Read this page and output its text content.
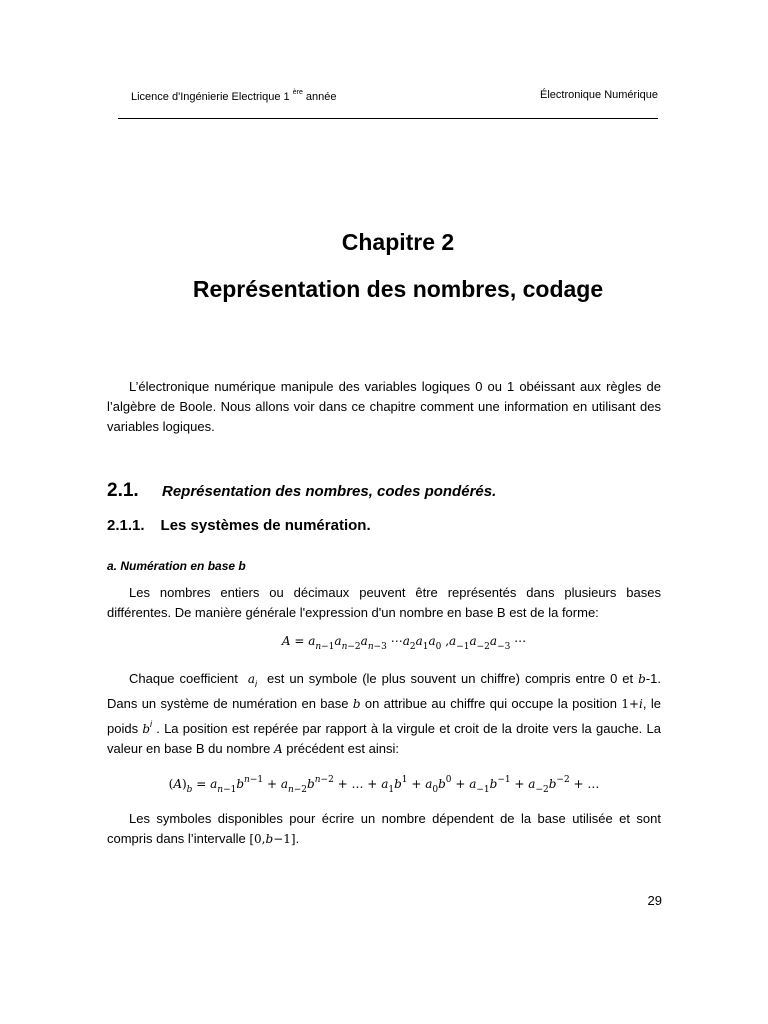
Licence d'Ingénierie Electrique 1 $^{ère}$ année	Électronique Numérique
Chapitre 2
Représentation des nombres, codage
L’électronique numérique manipule des variables logiques 0 ou 1 obéissant aux règles de l’algèbre de Boole. Nous allons voir dans ce chapitre comment une information en utilisant des variables logiques.
2.1. Représentation des nombres, codes pondérés.
2.1.1. Les systèmes de numération.
a. Numération en base b
Les nombres entiers ou décimaux peuvent être représentés dans plusieurs bases différentes. De manière générale l'expression d'un nombre en base B est de la forme:
$A = a_{n-1}a_{n-2}a_{n-3}$ $\cdots a_2a_1a_0$ $,a_{-1}a_{-2}a_{-3}$ ⋯
Chaque coefficient $a_i$ est un symbole (le plus souvent un chiffre) compris entre 0 et b-1. Dans un système de numération en base b on attribue au chiffre qui occupe la position 1+i, le poids $b^i$ . La position est repérée par rapport à la virgule et croit de la droite vers la gauche. La valeur en base B du nombre A précédent est ainsi:
$(A)_b = a_{n-1}b^{n-1} + a_{n-2}b^{n-2}$ + … + $a_1b^1 + a_0b^0 + a_{-1}b^{-1} + a_{-2}b^{-2}$ + …
Les symboles disponibles pour écrire un nombre dépendent de la base utilisée et sont compris dans l’intervalle [0,b−1].
29
